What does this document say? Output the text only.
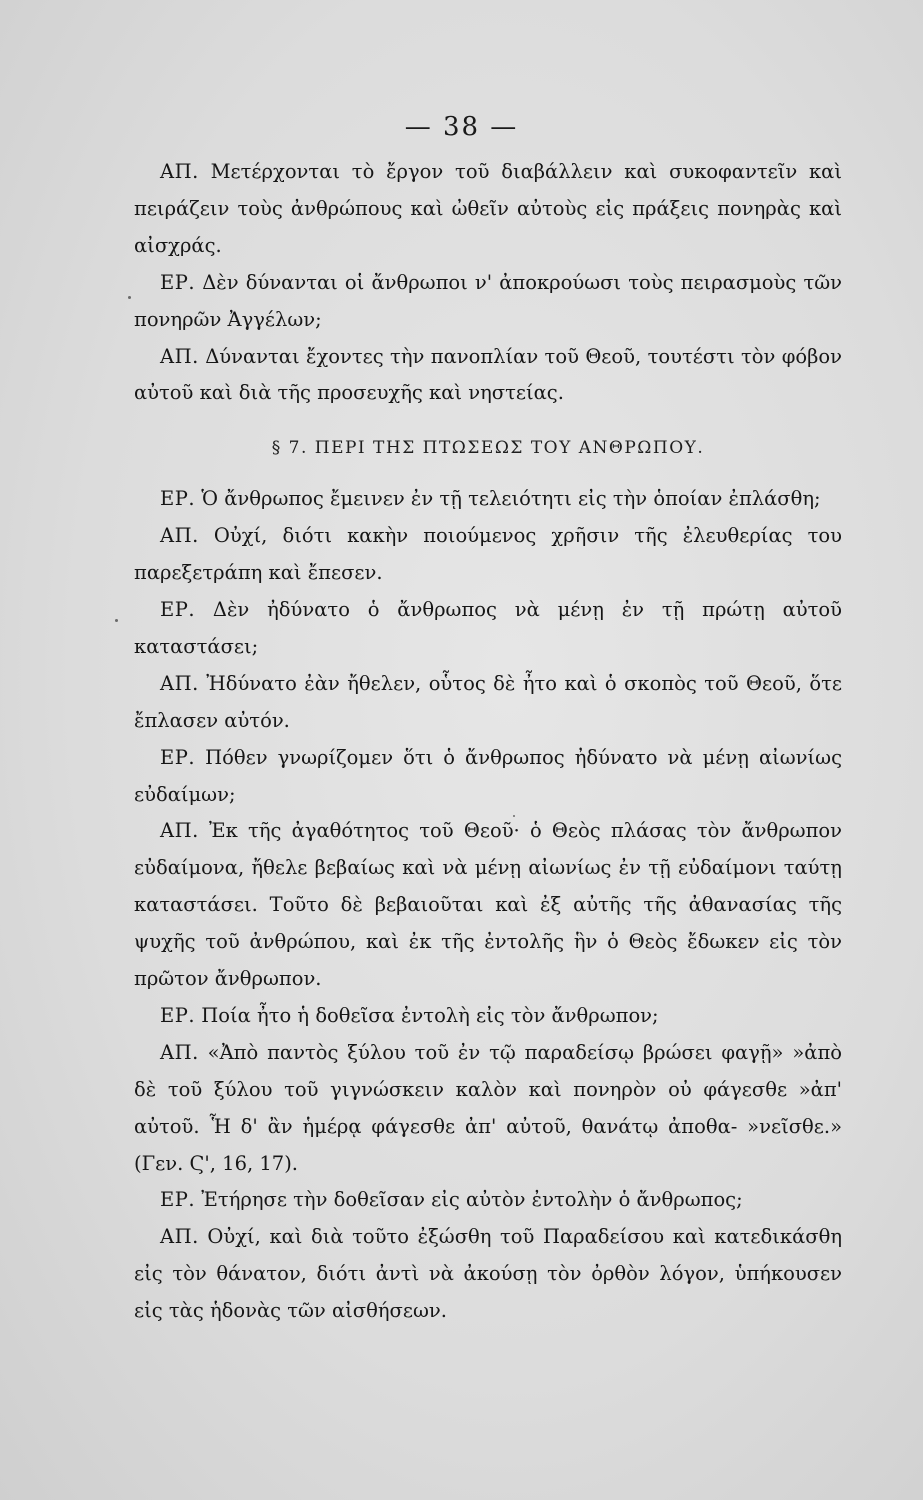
— 38 —

ΑΠ. Μετέρχονται τὸ ἔργον τοῦ διαβάλλειν καὶ συκοφαντεῖν καὶ πειράζειν τοὺς ἀνθρώπους καὶ ὠθεῖν αὐτοὺς εἰς πράξεις πονηρὰς καὶ αἰσχράς.

ΕΡ. Δὲν δύνανται οἱ ἄνθρωποι ν' ἀποκρούωσι τοὺς πειρασμοὺς τῶν πονηρῶν Ἀγγέλων;

ΑΠ. Δύνανται ἔχοντες τὴν πανοπλίαν τοῦ Θεοῦ, τουτέστι τὸν φόβον αὐτοῦ καὶ διὰ τῆς προσευχῆς καὶ νηστείας.

§ 7. ΠΕΡΙ ΤΗΣ ΠΤΩΣΕΩΣ ΤΟΥ ΑΝΘΡΩΠΟΥ.

ΕΡ. Ὁ ἄνθρωπος ἔμεινεν ἐν τῇ τελειότητι εἰς τὴν ὁποίαν ἐπλάσθη;

ΑΠ. Οὐχί, διότι κακὴν ποιούμενος χρῆσιν τῆς ἐλευθερίας του παρεξετράπη καὶ ἔπεσεν.

ΕΡ. Δὲν ἠδύνατο ὁ ἄνθρωπος νὰ μένῃ ἐν τῇ πρώτῃ αὐτοῦ καταστάσει;

ΑΠ. Ἠδύνατο ἐὰν ἤθελεν, οὗτος δὲ ἦτο καὶ ὁ σκοπὸς τοῦ Θεοῦ, ὅτε ἔπλασεν αὐτόν.

ΕΡ. Πόθεν γνωρίζομεν ὅτι ὁ ἄνθρωπος ἠδύνατο νὰ μένῃ αἰωνίως εὐδαίμων;

ΑΠ. Ἐκ τῆς ἀγαθότητος τοῦ Θεοῦ· ὁ Θεὸς πλάσας τὸν ἄνθρωπον εὐδαίμονα, ἤθελε βεβαίως καὶ νὰ μένῃ αἰωνίως ἐν τῇ εὐδαίμονι ταύτῃ καταστάσει. Τοῦτο δὲ βεβαιοῦται καὶ ἐξ αὐτῆς τῆς ἀθανασίας τῆς ψυχῆς τοῦ ἀνθρώπου, καὶ ἐκ τῆς ἐντολῆς ἣν ὁ Θεὸς ἔδωκεν εἰς τὸν πρῶτον ἄνθρωπον.

ΕΡ. Ποία ἦτο ἡ δοθεῖσα ἐντολὴ εἰς τὸν ἄνθρωπον;

ΑΠ. «Ἀπὸ παντὸς ξύλου τοῦ ἐν τῷ παραδείσῳ βρώσει φαγῇ» »ἀπὸ δὲ τοῦ ξύλου τοῦ γιγνώσκειν καλὸν καὶ πονηρὸν οὐ φάγεσθε »ἀπ' αὐτοῦ. Ἧ δ' ἂν ἡμέρᾳ φάγεσθε ἀπ' αὐτοῦ, θανάτῳ ἀποθα- »νεῖσθε.» (Γεν. Ϛ', 16, 17).

ΕΡ. Ἐτήρησε τὴν δοθεῖσαν εἰς αὐτὸν ἐντολὴν ὁ ἄνθρωπος;

ΑΠ. Οὐχί, καὶ διὰ τοῦτο ἐξώσθη τοῦ Παραδείσου καὶ κατεδικάσθη εἰς τὸν θάνατον, διότι ἀντὶ νὰ ἀκούσῃ τὸν ὀρθὸν λόγον, ὑπήκουσεν εἰς τὰς ἡδονὰς τῶν αἰσθήσεων.
